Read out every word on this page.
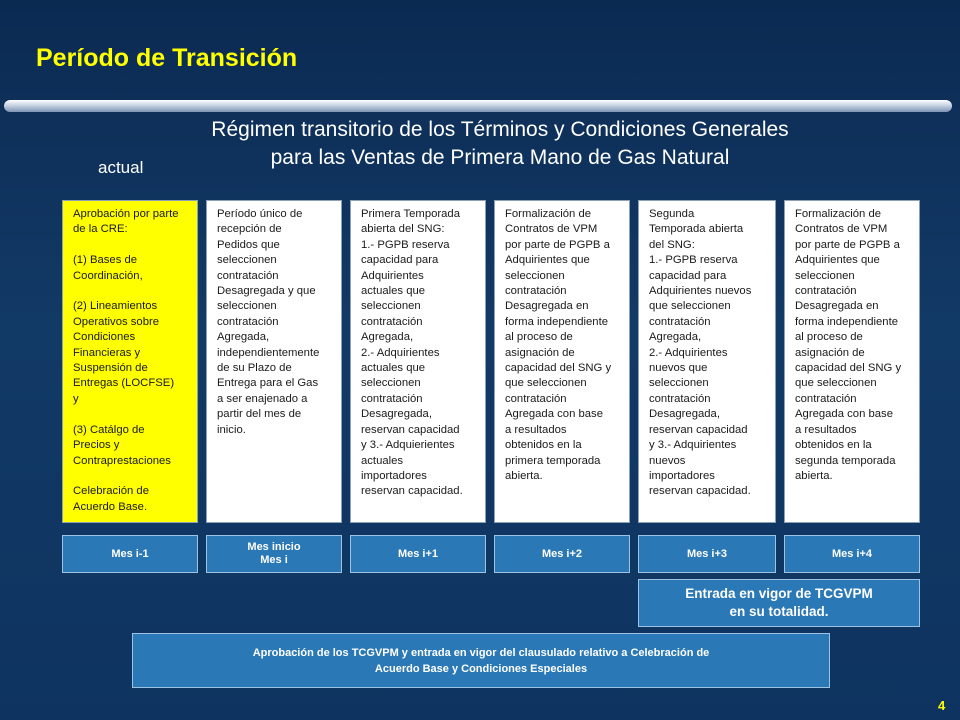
Período de Transición
Régimen transitorio de los Términos y Condiciones Generales
para las Ventas de Primera Mano de Gas Natural
actual
Aprobación por parte
de la CRE:

(1) Bases de
Coordinación,

(2) Lineamientos
Operativos sobre
Condiciones
Financieras y
Suspensión de
Entregas (LOCFSE)
y

(3) Catálgo de
Precios y
Contraprestaciones

Celebración de
Acuerdo Base.
Período único de
recepción de
Pedidos que
seleccionen
contratación
Desagregada y que
seleccionen
contratación
Agregada,
independientemente
de su Plazo de
Entrega para el Gas
a ser enajenado a
partir del mes de
inicio.
Primera Temporada
abierta del SNG:
1.- PGPB reserva
capacidad para
Adquirientes
actuales que
seleccionen
contratación
Agregada,
2.- Adquirientes
actuales que
seleccionen
contratación
Desagregada,
reservan capacidad
y 3.- Adquierientes
actuales
importadores
reservan capacidad.
Formalización de
Contratos de VPM
por parte de PGPB a
Adquirientes que
seleccionen
contratación
Desagregada en
forma independiente
al proceso de
asignación de
capacidad del SNG y
que seleccionen
contratación
Agregada con base
a resultados
obtenidos en la
primera temporada
abierta.
Segunda
Temporada abierta
del SNG:
1.- PGPB reserva
capacidad para
Adquirientes nuevos
que seleccionen
contratación
Agregada,
2.- Adquirientes
nuevos que
seleccionen
contratación
Desagregada,
reservan capacidad
y 3.- Adquirientes
nuevos
importadores
reservan capacidad.
Formalización de
Contratos de VPM
por parte de PGPB a
Adquirientes que
seleccionen
contratación
Desagregada en
forma independiente
al proceso de
asignación de
capacidad del SNG y
que seleccionen
contratación
Agregada con base
a resultados
obtenidos en la
segunda temporada
abierta.
Mes i-1
Mes inicio
Mes i
Mes i+1	Mes i+2	Mes i+3	Mes i+4
Entrada en vigor de TCGVPM
en su totalidad.
Aprobación de los TCGVPM y entrada en vigor del clausulado relativo a Celebración de
Acuerdo Base y Condiciones Especiales
4
